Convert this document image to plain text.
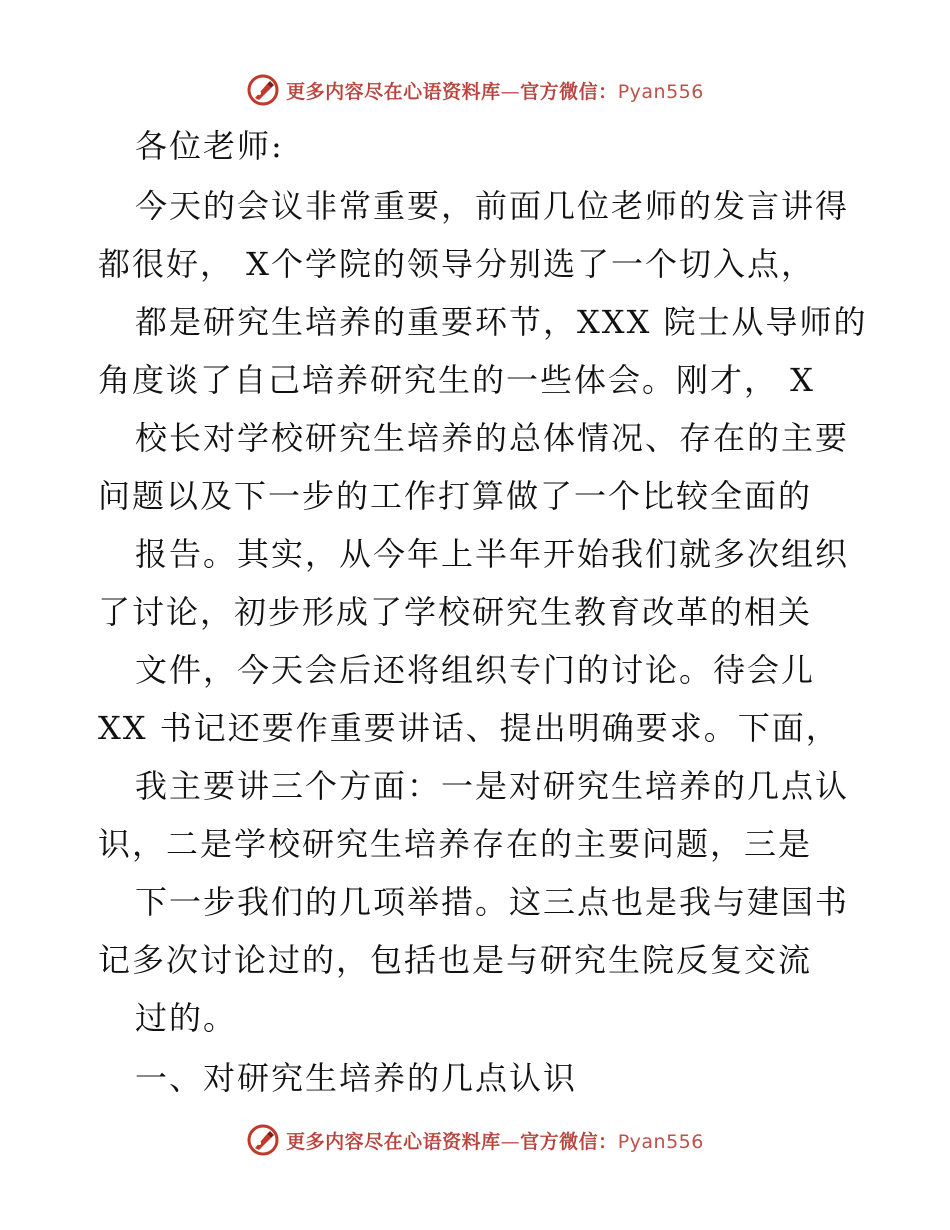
更多内容尽在心语资料库—官方微信：Pyan556
各位老师:
今天的会议非常重要，前面几位老师的发言讲得
都很好， X个学院的领导分别选了一个切入点，
都是研究生培养的重要环节，XXX 院士从导师的
角度谈了自己培养研究生的一些体会。刚才， X
校长对学校研究生培养的总体情况、存在的主要
问题以及下一步的工作打算做了一个比较全面的
报告。其实，从今年上半年开始我们就多次组织
了讨论，初步形成了学校研究生教育改革的相关
文件，今天会后还将组织专门的讨论。待会儿
XX 书记还要作重要讲话、提出明确要求。下面，
我主要讲三个方面：一是对研究生培养的几点认
识，二是学校研究生培养存在的主要问题，三是
下一步我们的几项举措。这三点也是我与建国书
记多次讨论过的，包括也是与研究生院反复交流
过的。
一、对研究生培养的几点认识
更多内容尽在心语资料库—官方微信：Pyan556
